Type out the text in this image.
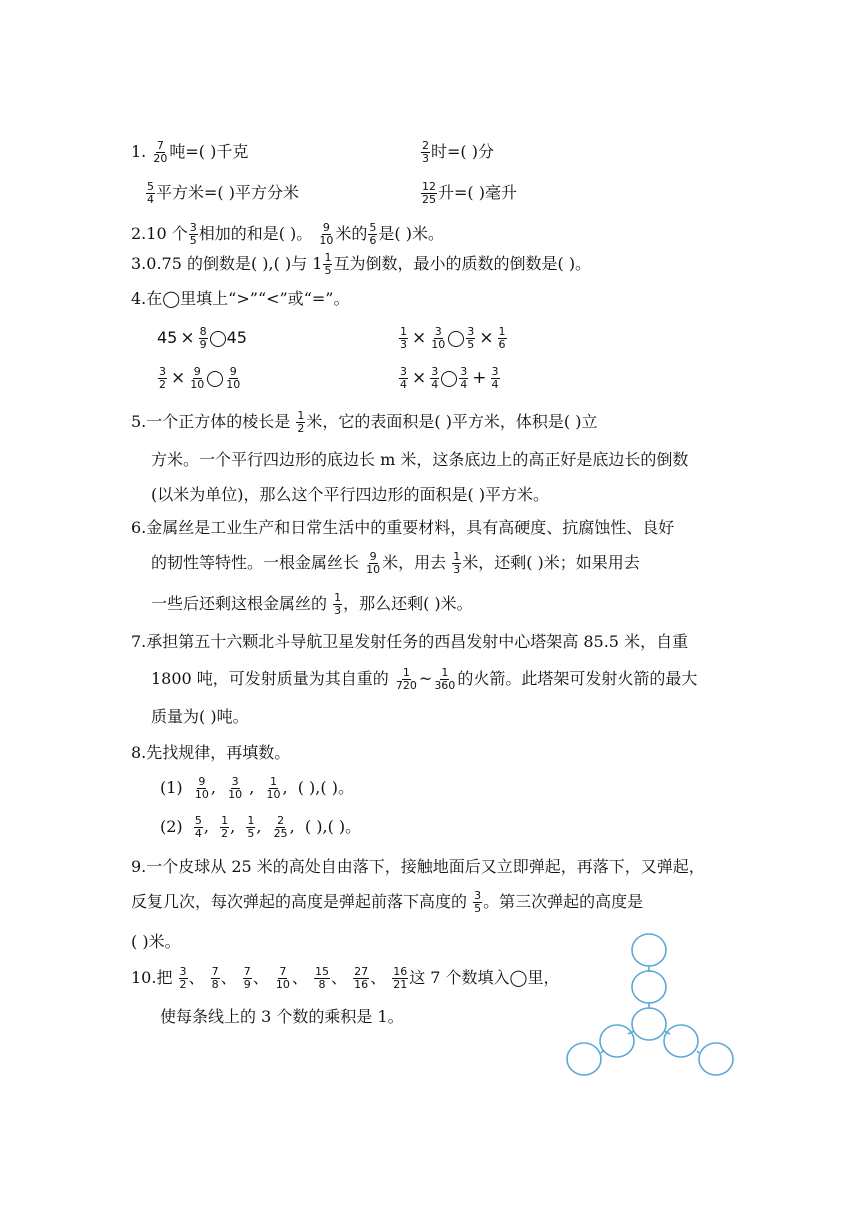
1. $\frac{7}{20}$ 吨=( )千克	$\frac{2}{3}$ 时=( )分
$\frac{5}{4}$ 平方米=( )平方分米	$\frac{12}{25}$ 升=( )毫升
2.10 个 $\frac{3}{5}$ 相加的和是( )。 $\frac{9}{10}$ 米的 $\frac{5}{6}$ 是( )米。
3.0.75 的倒数是( ),( )与 $1 \frac{1}{5}$ 互为倒数，最小的质数的倒数是( )。
4.在◯里填上“>”“<”或“=”。
$45 \times \frac{8}{9} 45$	$\frac{1}{3} \times \frac{3}{10} \frac{3}{5} \times \frac{1}{6}$
$\frac{3}{2} \times \frac{9}{10} \frac{9}{10}$	$\frac{3}{4} \times \frac{3}{4} \frac{3}{4} + \frac{3}{4}$
5.一个正方体的棱长是 $\frac{1}{2}$ 米，它的表面积是( )平方米，体积是( )立
方米。一个平行四边形的底边长 m 米，这条底边上的高正好是底边长的倒数
(以米为单位)，那么这个平行四边形的面积是( )平方米。
6.金属丝是工业生产和日常生活中的重要材料，具有高硬度、抗腐蚀性、良好
的韧性等特性。一根金属丝长 $\frac{9}{10}$ 米，用去 $\frac{1}{3}$ 米，还剩( )米；如果用去
一些后还剩这根金属丝的 $\frac{1}{3}$ ，那么还剩( )米。
7.承担第五十六颗北斗导航卫星发射任务的西昌发射中心塔架高 85.5 米，自重
1800 吨，可发射质量为其自重的 $\frac{1}{720}$ ~ $\frac{1}{360}$ 的火箭。此塔架可发射火箭的最大
质量为( )吨。
8.先找规律，再填数。
$(1) \frac{9}{10}$ , $\frac{3}{10}$ , $\frac{1}{10}$ ,  ( ),( )。
$(2) \frac{5}{4}$ , $\frac{1}{2}$ , $\frac{1}{5}$ , $\frac{2}{25}$ ,  ( ),( )。
9.一个皮球从 25 米的高处自由落下，接触地面后又立即弹起，再落下，又弹起，
反复几次，每次弹起的高度是弹起前落下高度的 $\frac{3}{5}$ 。第三次弹起的高度是
( )米。
10.把 $\frac{3}{2}$ 、 $\frac{7}{8}$ 、 $\frac{7}{9}$ 、 $\frac{7}{10}$ 、 $\frac{15}{8}$ 、 $\frac{27}{16}$ 、 $\frac{16}{21}$ 这 7 个数填入◯里，
使每条线上的 3 个数的乘积是 1。
